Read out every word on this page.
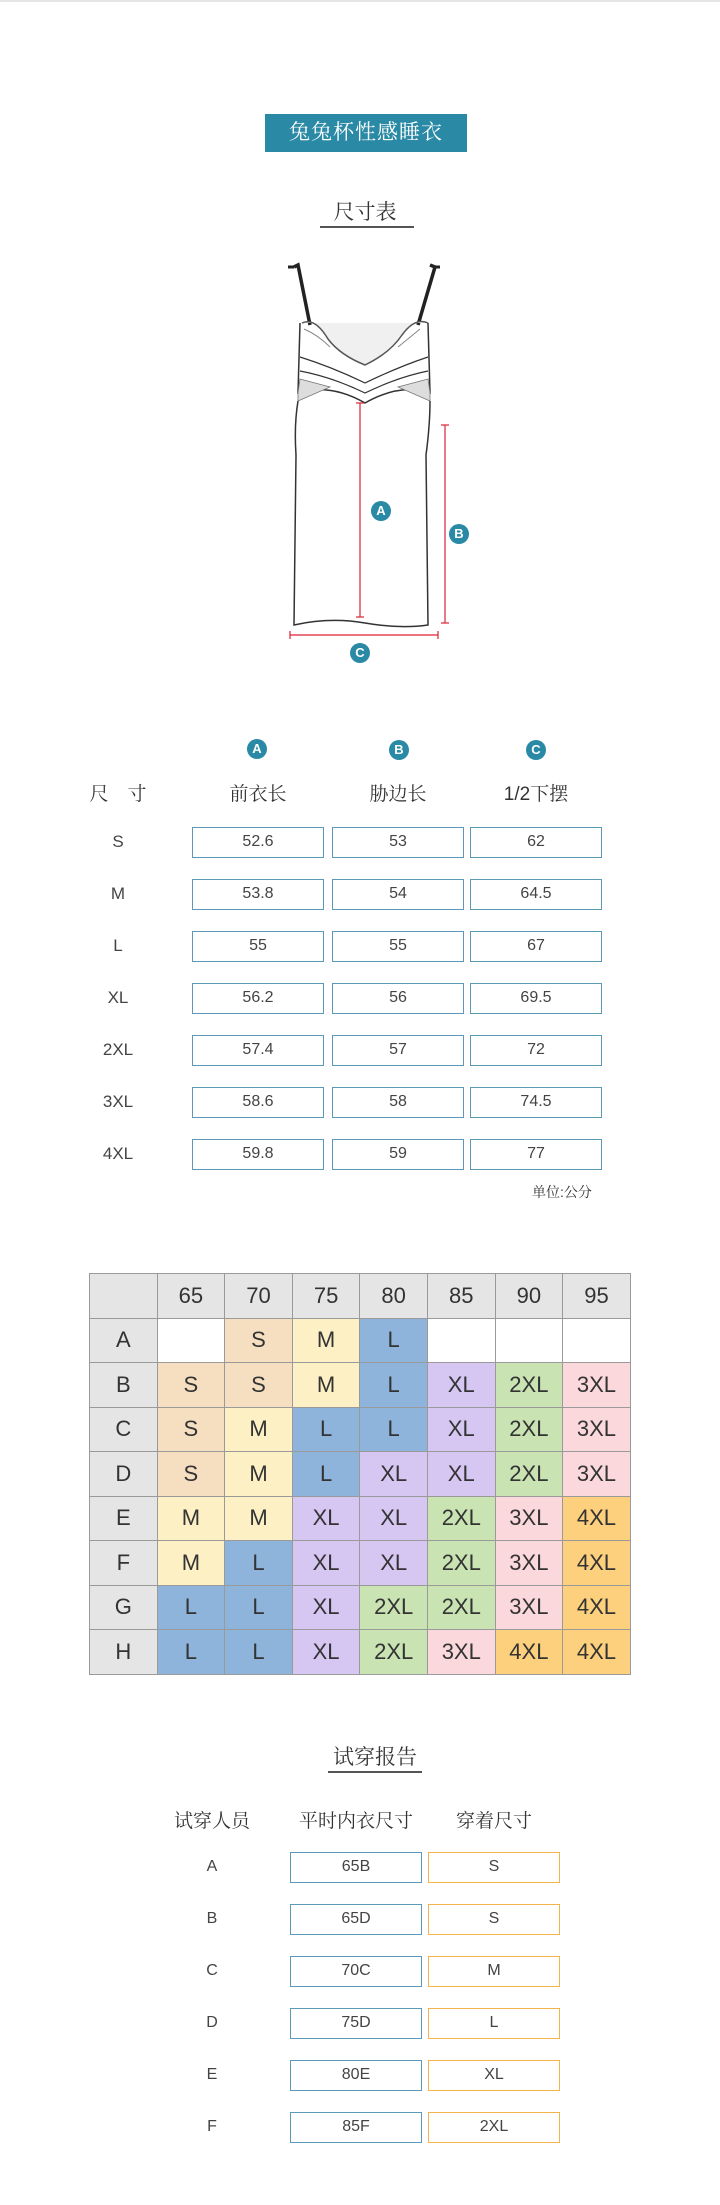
兔兔杯性感睡衣
尺寸表
A
B
C
A	B	C
尺　寸	前衣长	胁边长	1/2下摆
S	52.6	53	62
M	53.8	54	64.5
L	55	55	67
XL	56.2	56	69.5
2XL	57.4	57	72
3XL	58.6	58	74.5
4XL	59.8	59	77
单位:公分
	65	70	75	80	85	90	95
A		S	M	L			
B	S	S	M	L	XL	2XL	3XL
C	S	M	L	L	XL	2XL	3XL
D	S	M	L	XL	XL	2XL	3XL
E	M	M	XL	XL	2XL	3XL	4XL
F	M	L	XL	XL	2XL	3XL	4XL
G	L	L	XL	2XL	2XL	3XL	4XL
H	L	L	XL	2XL	3XL	4XL	4XL
试穿报告
试穿人员	平时内衣尺寸	穿着尺寸
A	65B	S
B	65D	S
C	70C	M
D	75D	L
E	80E	XL
F	85F	2XL
